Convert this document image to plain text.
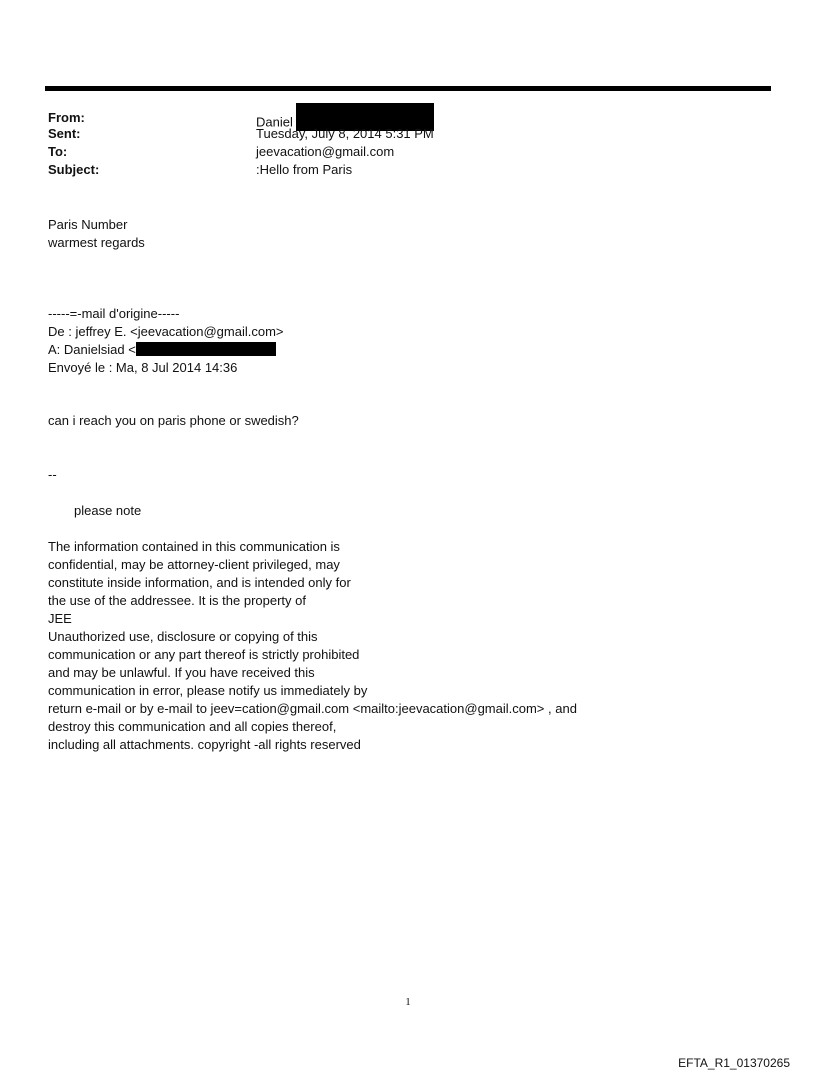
From:	Daniel
Sent:	Tuesday, July 8, 2014 5:31 PM
To:	jeevacation@gmail.com
Subject:	:Hello from Paris
Paris Number
warmest regards
-----=-mail d'origine-----
De : jeffrey E. <jeevacation@gmail.com>
A: Danielsiad <
Envoyé le : Ma, 8 Jul 2014 14:36
can i reach you on paris phone or swedish?
--
please note
The information contained in this communication is
confidential, may be attorney-client privileged, may
constitute inside information, and is intended only for
the use of the addressee. It is the property of
JEE
Unauthorized use, disclosure or copying of this
communication or any part thereof is strictly prohibited
and may be unlawful. If you have received this
communication in error, please notify us immediately by
return e-mail or by e-mail to jeev=cation@gmail.com <mailto:jeevacation@gmail.com> , and
destroy this communication and all copies thereof,
including all attachments. copyright -all rights reserved
1
EFTA_R1_01370265
